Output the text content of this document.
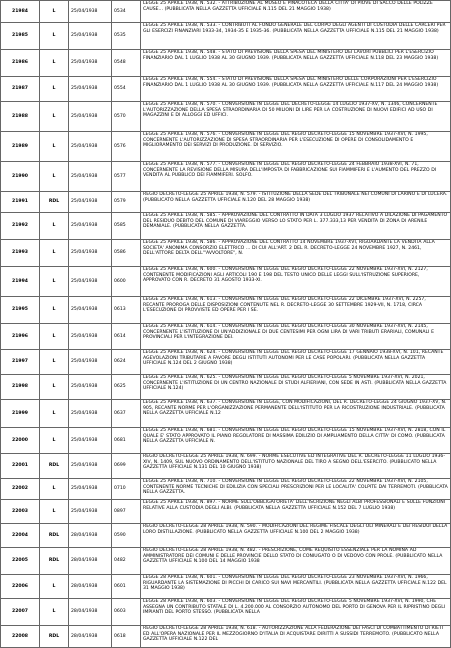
21984	L	25/04/1938	0534	LEGGE 25 APRILE 1938, N. 532. - ATTRIBUZIONE AL MUSEO E PINACOTECA DELLA CITTA' DI PIOVE DI SACCO DELLE POLIZZE CAUSE... (PUBBLICATA NELLA GAZZETTA UFFICIALE N.115 DEL 21 MAGGIO 1938)

21985	L	25/04/1938	0535	LEGGE 25 APRILE 1938, N. 533. - CONTRIBUTI AL FONDO GENERALE DEL CORPO DEGLI AGENTI DI CUSTODIA DELLE CARCERI PER GLI ESERCIZI FINANZIARI 1933-34, 1934-35 E 1935-36. (PUBBLICATA NELLA GAZZETTA UFFICIALE N.115 DEL 21 MAGGIO 1938)

21986	L	25/04/1938	0548	LEGGE 25 APRILE 1938, N. 548. - STATO DI PREVISIONE DELLA SPESA DEL MINISTERO DEI LAVORI PUBBLICI PER L'ESERCIZIO FINANZIARIO DAL 1 LUGLIO 1938 AL 30 GIUGNO 1939. (PUBBLICATA NELLA GAZZETTA UFFICIALE N.118 DEL 23 MAGGIO 1938)

21987	L	25/04/1938	0554	LEGGE 25 APRILE 1938, N. 554. - STATO DI PREVISIONE DELLA SPESA DEL MINISTERO DELLE CORPORAZIONI PER L'ESERCIZIO FINANZIARIO DAL 1 LUGLIO 1938 AL 30 GIUGNO 1939. (PUBBLICATA NELLA GAZZETTA UFFICIALE N.117 DEL 24 MAGGIO 1938)

21988	L	25/04/1938	0570	LEGGE 25 APRILE 1938, N. 570. - CONVERSIONE IN LEGGE DEL DECRETO-LEGGE 14 LUGLIO 1937-XV, N. 1346, CONCERNENTE L'AUTORIZZAZIONE DELLA SPESA STRAORDINARIA DI 50 MILIONI DI LIRE PER LA COSTRUZIONE DI NUOVI EDIFICI AD USO DI MAGAZZINI E DI ALLOGGI ED UFFICI.

21989	L	25/04/1938	0576	LEGGE 25 APRILE 1938, N. 576. - CONVERSIONE IN LEGGE DEL REGIO DECRETO-LEGGE 15 NOVEMBRE 1937-XVI, N. 1995, CONCERNENTE L'AUTORIZZAZIONE DI SPESA STRAORDINARIA PER L'ESECUZIONE DI OPERE DI CONSOLIDAMENTO E MIGLIORAMENTO DEI SERVIZI DI PRODUZIONE. DI SERVIZIO.

21990	L	25/04/1938	0577	LEGGE 25 APRILE 1938, N. 577. - CONVERSIONE IN LEGGE DEL REGIO DECRETO-LEGGE 24 FEBBRAIO 1938-XVI, N. 71, CONCERNENTE LA REVISIONE DELLA MISURA DELL'IMPOSTA DI FABBRICAZIONE SUI FIAMMIFERI E L'AUMENTO DEL PREZZO DI VENDITA AL PUBBLICO DEI FIAMMIFERI. SOLFO.

21991	RDL	25/04/1938	0579	REGIO DECRETO-LEGGE 25 APRILE 1938, N. 579. - ISTITUZIONE DELLA SEDE DEL TRIBUNALE NEI COMUNI DI LARINO E DI LUCERA. (PUBBLICATO NELLA GAZZETTA UFFICIALE N.120 DEL 28 MAGGIO 1938)

21992	L	25/04/1938	0585	LEGGE 25 APRILE 1938, N. 585. - APPROVAZIONE DEL CONTRATTO IN DATA 3 LUGLIO 1937 RELATIVO A DILAZIONE DI PAGAMENTO DEL RESIDUO DEBITO DEL COMUNE DI VIAREGGIO VERSO LO STATO PER L. 377.333,13 PER VENDITA DI ZONA DI ARENILE DEMANIALE. (PUBBLICATA NELLA GAZZETTA.

21993	L	25/04/1938	0586	LEGGE 25 APRILE 1938, N. 586. - APPROVAZIONE DEL CONTRATTO 14 NOVEMBRE 1937-XVI, RIGUARDANTE LA VENDITA ALLA SOCIETA' ANONIMA CONSORZIO ELETTRICO ... DI CUI ALL'ART. 2 DEL R. DECRETO-LEGGE 24 NOVEMBRE 1927, N. 2461, DELL'ATTORE DELTA DELL'"AVVOLTORE", N.

21994	L	25/04/1938	0600	LEGGE 25 APRILE 1938, N. 600. - CONVERSIONE IN LEGGE DEL REGIO DECRETO-LEGGE 22 NOVEMBRE 1937-XVI, N. 2127, CONTENENTE MODIFICAZIONI AGLI ARTICOLI 190 E 198 DEL TESTO UNICO DELLE LEGGI SULL'ISTRUZIONE SUPERIORE, APPROVATO CON R. DECRETO 31 AGOSTO 1933-XI.

21995	L	25/04/1938	0613	LEGGE 25 APRILE 1938, N. 613. - CONVERSIONE IN LEGGE DEL REGIO DECRETO-LEGGE 22 DICEMBRE 1937-XVI, N. 2257, RECANTE PROROGA DELLE DISPOSIZIONI CONTENUTE NEL R. DECRETO-LEGGE 30 SETTEMBRE 1929-VII, N. 1718, CIRCA L'ESECUZIONE DI PROVVISTE ED OPERE PER I SE.

21996	L	25/04/1938	0614	LEGGE 25 APRILE 1938, N. 614. - CONVERSIONE IN LEGGE DEL REGIO DECRETO-LEGGE 30 NOVEMBRE 1937-XVI, N. 2145, CONCERNENTE L'ISTITUZIONE DI UN'ADDIZIONALE DI DUE CENTESIMI PER OGNI LIRA DI VARI TRIBUTI ERARIALI, COMUNALI E PROVINCIALI PER L'INTEGRAZIONE DEI.

21997	L	25/04/1938	0624	LEGGE 25 APRILE 1938, N. 624. - CONVERSIONE IN LEGGE DEL REGIO DECRETO-LEGGE 17 GENNAIO 1938-XVI, N. 101, RECANTE AGEVOLAZIONI TRIBUTARIE A FAVORE DEGLI ISTITUTI AUTONOMI PER LE CASE POPOLARI. (PUBBLICATA NELLA GAZZETTA UFFICIALE N.124 DEL 2 GIUGNO 1938)

21998	L	25/04/1938	0625	LEGGE 25 APRILE 1938, N. 625. - CONVERSIONE IN LEGGE DEL REGIO DECRETO-LEGGE 5 NOVEMBRE 1937-XVI, N. 2021, CONCERNENTE L'ISTITUZIONE DI UN CENTRO NAZIONALE DI STUDI ALFIERIANI, CON SEDE IN ASTI. (PUBBLICATA NELLA GAZZETTA UFFICIALE N.124)

21999	L	25/04/1938	0637	LEGGE 25 APRILE 1938, N. 637. - CONVERSIONE IN LEGGE, CON MODIFICAZIONI, DEL R. DECRETO-LEGGE 24 GIUGNO 1937-XV, N. 905, RECANTE NORME PER L'ORGANIZZAZIONE PERMANENTE DELL'ISTITUTO PER LA RICOSTRUZIONE INDUSTRIALE. (PUBBLICATA NELLA GAZZETTA UFFICIALE N.12

22000	L	25/04/1938	0681	LEGGE 25 APRILE 1938, N. 681. - CONVERSIONE IN LEGGE DEL REGIO DECRETO-LEGGE 15 NOVEMBRE 1937-XVI, N. 2818, CON IL QUALE E' STATO APPROVATO IL PIANO REGOLATORE DI MASSIMA EDILIZIO DI AMPLIAMENTO DELLA CITTA' DI COMO. (PUBBLICATA NELLA GAZZETTA UFFICIALE N.

22001	RDL	25/04/1938	0699	REGIO DECRETO-LEGGE 25 APRILE 1938, N. 699. - NORME ESECUTIVE ED INTEGRATIVE DEL R. DECRETO-LEGGE 11 LUGLIO 1936-XIV, N. 1409, SUL NUOVO ORDINAMENTO DELL'ISTITUTO NAZIONALE DEL TIRO A SEGNO DELL'ESERCITO. (PUBBLICATO NELLA GAZZETTA UFFICIALE N.131 DEL 10 GIUGNO 1938)

22002	L	25/04/1938	0710	LEGGE 25 APRILE 1938, N. 710. - CONVERSIONE IN LEGGE DEL REGIO DECRETO-LEGGE 22 NOVEMBRE 1937-XVI, N. 2105, CONTENENTE NORME TECNICHE DI EDILIZIA CON SPECIALI PRESCRIZIONI PER LE LOCALITA' COLPITE DAI TERREMOTI. (PUBBLICATA NELLA GAZZETTA.

22003	L	25/04/1938	0897	LEGGE 25 APRILE 1938, N. 897. - NORME SULL'OBBLIGATORIETA' DELL'ISCRIZIONE NEGLI ALBI PROFESSIONALI E SULLE FUNZIONI RELATIVE ALLA CUSTODIA DEGLI ALBI. (PUBBLICATA NELLA GAZZETTA UFFICIALE N.152 DEL 7 LUGLIO 1938)

22004	RDL	28/04/1938	0590	REGIO DECRETO-LEGGE 28 APRILE 1938, N. 590. - MODIFICAZIONI DEL REGIME FISCALE DEGLI OLI MINERALI E DEI RESIDUI DELLA LORO DISTILLAZIONE. (PUBBLICATO NELLA GAZZETTA UFFICIALE N.100 DEL 2 MAGGIO 1938)

22005	RDL	28/04/1938	0482	REGIO DECRETO-LEGGE 28 APRILE 1938, N. 482. - PRESCRIZIONE, COME REQUISITO ESSENZIALE PER LA NOMINA AD AMMINISTRATORE DEI COMUNI E DELLE PROVINCIE DELLO STATO DI CONIUGATO O DI VEDOVO CON PROLE. (PUBBLICATO NELLA GAZZETTA UFFICIALE N.100 DEL 14 MAGGIO 1938

22006	L	28/04/1938	0601	LEGGE 28 APRILE 1938, N. 601. - CONVERSIONE IN LEGGE DEL REGIO DECRETO-LEGGE 23 NOVEMBRE 1937-XVI, N. 1966, RIGUARDANTE LA SISTEMAZIONE DI PICCHI DI CARICO SUI NAVI MERCANTILI. (PUBBLICATA NELLA GAZZETTA UFFICIALE N.122 DEL 31 MAGGIO 1938)

22007	L	28/04/1938	0603	LEGGE 28 APRILE 1938, N. 603. - CONVERSIONE IN LEGGE DEL REGIO DECRETO-LEGGE 5 NOVEMBRE 1937-XVI, N. 1990, CHE ASSEGNA UN CONTRIBUTO STATALE DI L. 4.200.000 AL CONSORZIO AUTONOMO DEL PORTO DI GENOVA PER IL RIPRISTINO DEGLI IMPIANTI DEL PORTO STESSO. (PUBBLICATA NELLA

22008	RDL	28/04/1938	0618	REGIO DECRETO-LEGGE 28 APRILE 1938, N. 618. - AUTORIZZAZIONE ALLA FEDERAZIONE DEI FASCI DI COMBATTIMENTO DI RIETI ED ALL'OPERA NAZIONALE PER IL MEZZOGIORNO D'ITALIA DI ACQUISTARE DIRITTI A SUSSIDI TERREMOTO. (PUBBLICATO NELLA GAZZETTA UFFICIALE N.122 DEL
